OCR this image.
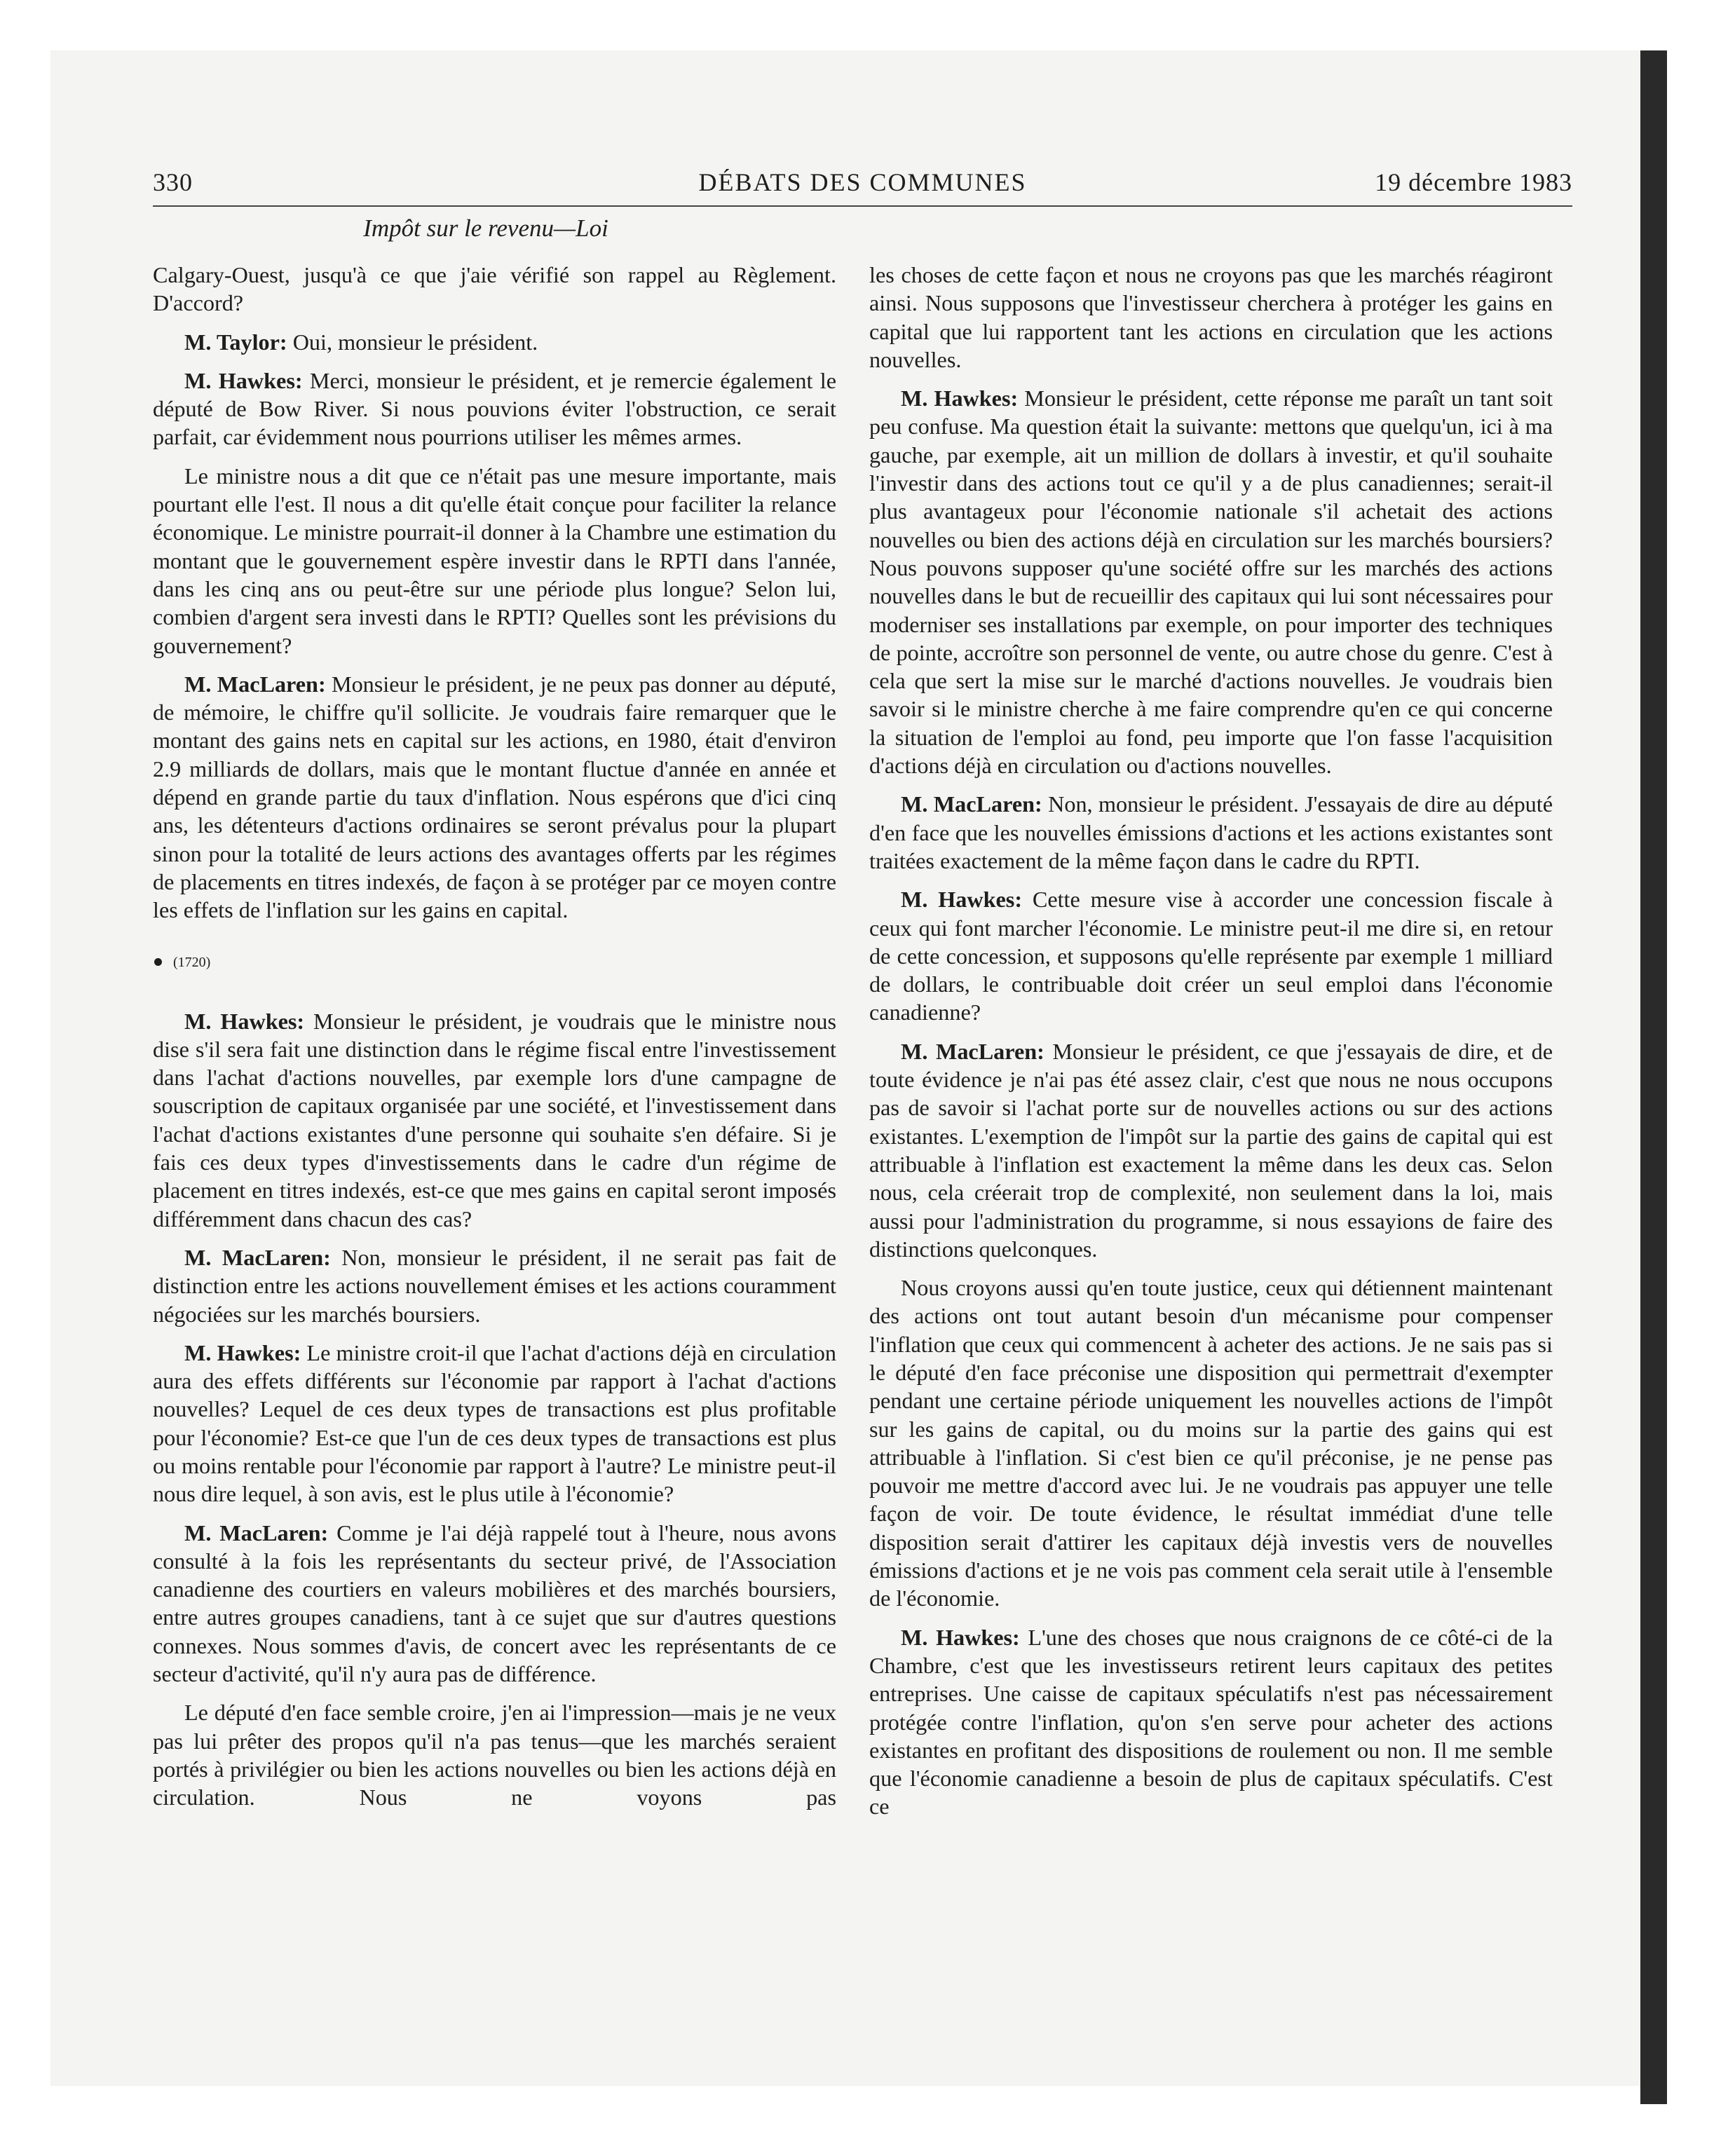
330	DÉBATS DES COMMUNES	19 décembre 1983
Impôt sur le revenu—Loi

Calgary-Ouest, jusqu'à ce que j'aie vérifié son rappel au Règlement. D'accord?

M. Taylor: Oui, monsieur le président.

M. Hawkes: Merci, monsieur le président, et je remercie également le député de Bow River. Si nous pouvions éviter l'obstruction, ce serait parfait, car évidemment nous pourrions utiliser les mêmes armes.

Le ministre nous a dit que ce n'était pas une mesure importante, mais pourtant elle l'est. Il nous a dit qu'elle était conçue pour faciliter la relance économique. Le ministre pourrait-il donner à la Chambre une estimation du montant que le gouvernement espère investir dans le RPTI dans l'année, dans les cinq ans ou peut-être sur une période plus longue? Selon lui, combien d'argent sera investi dans le RPTI? Quelles sont les prévisions du gouvernement?

M. MacLaren: Monsieur le président, je ne peux pas donner au député, de mémoire, le chiffre qu'il sollicite. Je voudrais faire remarquer que le montant des gains nets en capital sur les actions, en 1980, était d'environ 2.9 milliards de dollars, mais que le montant fluctue d'année en année et dépend en grande partie du taux d'inflation. Nous espérons que d'ici cinq ans, les détenteurs d'actions ordinaires se seront prévalus pour la plupart sinon pour la totalité de leurs actions des avantages offerts par les régimes de placements en titres indexés, de façon à se protéger par ce moyen contre les effets de l'inflation sur les gains en capital.

(1720)

M. Hawkes: Monsieur le président, je voudrais que le ministre nous dise s'il sera fait une distinction dans le régime fiscal entre l'investissement dans l'achat d'actions nouvelles, par exemple lors d'une campagne de souscription de capitaux organisée par une société, et l'investissement dans l'achat d'actions existantes d'une personne qui souhaite s'en défaire. Si je fais ces deux types d'investissements dans le cadre d'un régime de placement en titres indexés, est-ce que mes gains en capital seront imposés différemment dans chacun des cas?

M. MacLaren: Non, monsieur le président, il ne serait pas fait de distinction entre les actions nouvellement émises et les actions couramment négociées sur les marchés boursiers.

M. Hawkes: Le ministre croit-il que l'achat d'actions déjà en circulation aura des effets différents sur l'économie par rapport à l'achat d'actions nouvelles? Lequel de ces deux types de transactions est plus profitable pour l'économie? Est-ce que l'un de ces deux types de transactions est plus ou moins rentable pour l'économie par rapport à l'autre? Le ministre peut-il nous dire lequel, à son avis, est le plus utile à l'économie?

M. MacLaren: Comme je l'ai déjà rappelé tout à l'heure, nous avons consulté à la fois les représentants du secteur privé, de l'Association canadienne des courtiers en valeurs mobilières et des marchés boursiers, entre autres groupes canadiens, tant à ce sujet que sur d'autres questions connexes. Nous sommes d'avis, de concert avec les représentants de ce secteur d'activité, qu'il n'y aura pas de différence.

Le député d'en face semble croire, j'en ai l'impression—mais je ne veux pas lui prêter des propos qu'il n'a pas tenus—que les marchés seraient portés à privilégier ou bien les actions nouvelles ou bien les actions déjà en circulation. Nous ne voyons pas

les choses de cette façon et nous ne croyons pas que les marchés réagiront ainsi. Nous supposons que l'investisseur cherchera à protéger les gains en capital que lui rapportent tant les actions en circulation que les actions nouvelles.

M. Hawkes: Monsieur le président, cette réponse me paraît un tant soit peu confuse. Ma question était la suivante: mettons que quelqu'un, ici à ma gauche, par exemple, ait un million de dollars à investir, et qu'il souhaite l'investir dans des actions tout ce qu'il y a de plus canadiennes; serait-il plus avantageux pour l'économie nationale s'il achetait des actions nouvelles ou bien des actions déjà en circulation sur les marchés boursiers? Nous pouvons supposer qu'une société offre sur les marchés des actions nouvelles dans le but de recueillir des capitaux qui lui sont nécessaires pour moderniser ses installations par exemple, on pour importer des techniques de pointe, accroître son personnel de vente, ou autre chose du genre. C'est à cela que sert la mise sur le marché d'actions nouvelles. Je voudrais bien savoir si le ministre cherche à me faire comprendre qu'en ce qui concerne la situation de l'emploi au fond, peu importe que l'on fasse l'acquisition d'actions déjà en circulation ou d'actions nouvelles.

M. MacLaren: Non, monsieur le président. J'essayais de dire au député d'en face que les nouvelles émissions d'actions et les actions existantes sont traitées exactement de la même façon dans le cadre du RPTI.

M. Hawkes: Cette mesure vise à accorder une concession fiscale à ceux qui font marcher l'économie. Le ministre peut-il me dire si, en retour de cette concession, et supposons qu'elle représente par exemple 1 milliard de dollars, le contribuable doit créer un seul emploi dans l'économie canadienne?

M. MacLaren: Monsieur le président, ce que j'essayais de dire, et de toute évidence je n'ai pas été assez clair, c'est que nous ne nous occupons pas de savoir si l'achat porte sur de nouvelles actions ou sur des actions existantes. L'exemption de l'impôt sur la partie des gains de capital qui est attribuable à l'inflation est exactement la même dans les deux cas. Selon nous, cela créerait trop de complexité, non seulement dans la loi, mais aussi pour l'administration du programme, si nous essayions de faire des distinctions quelconques.

Nous croyons aussi qu'en toute justice, ceux qui détiennent maintenant des actions ont tout autant besoin d'un mécanisme pour compenser l'inflation que ceux qui commencent à acheter des actions. Je ne sais pas si le député d'en face préconise une disposition qui permettrait d'exempter pendant une certaine période uniquement les nouvelles actions de l'impôt sur les gains de capital, ou du moins sur la partie des gains qui est attribuable à l'inflation. Si c'est bien ce qu'il préconise, je ne pense pas pouvoir me mettre d'accord avec lui. Je ne voudrais pas appuyer une telle façon de voir. De toute évidence, le résultat immédiat d'une telle disposition serait d'attirer les capitaux déjà investis vers de nouvelles émissions d'actions et je ne vois pas comment cela serait utile à l'ensemble de l'économie.

M. Hawkes: L'une des choses que nous craignons de ce côté-ci de la Chambre, c'est que les investisseurs retirent leurs capitaux des petites entreprises. Une caisse de capitaux spéculatifs n'est pas nécessairement protégée contre l'inflation, qu'on s'en serve pour acheter des actions existantes en profitant des dispositions de roulement ou non. Il me semble que l'économie canadienne a besoin de plus de capitaux spéculatifs. C'est ce
